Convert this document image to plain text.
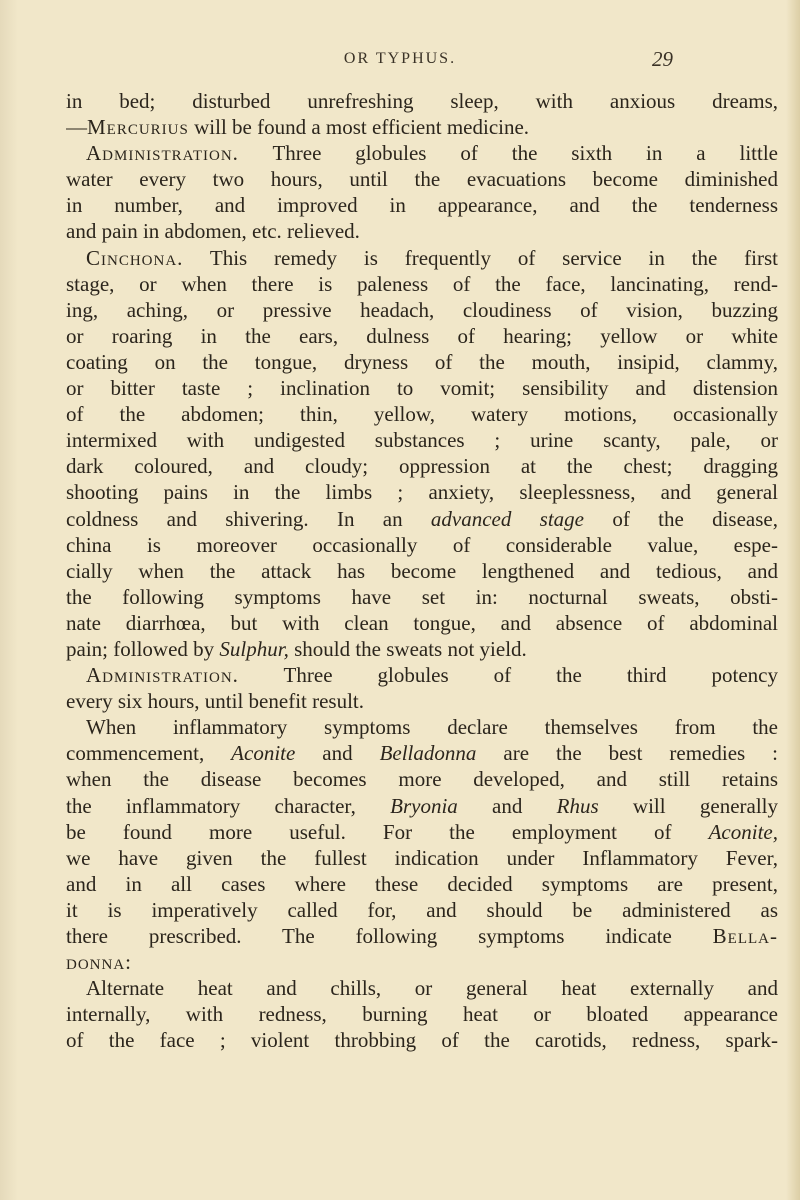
OR TYPHUS.	29
in bed; disturbed unrefreshing sleep, with anxious dreams,
—Mercurius will be found a most efficient medicine.
Administration. Three globules of the sixth in a little
water every two hours, until the evacuations become diminished
in number, and improved in appearance, and the tenderness
and pain in abdomen, etc. relieved.
Cinchona. This remedy is frequently of service in the first
stage, or when there is paleness of the face, lancinating, rend-
ing, aching, or pressive headach, cloudiness of vision, buzzing
or roaring in the ears, dulness of hearing; yellow or white
coating on the tongue, dryness of the mouth, insipid, clammy,
or bitter taste ; inclination to vomit; sensibility and distension
of the abdomen; thin, yellow, watery motions, occasionally
intermixed with undigested substances ; urine scanty, pale, or
dark coloured, and cloudy; oppression at the chest; dragging
shooting pains in the limbs ; anxiety, sleeplessness, and general
coldness and shivering. In an advanced stage of the disease,
china is moreover occasionally of considerable value, espe-
cially when the attack has become lengthened and tedious, and
the following symptoms have set in: nocturnal sweats, obsti-
nate diarrhœa, but with clean tongue, and absence of abdominal
pain; followed by Sulphur, should the sweats not yield.
Administration. Three globules of the third potency
every six hours, until benefit result.
When inflammatory symptoms declare themselves from the
commencement, Aconite and Belladonna are the best remedies :
when the disease becomes more developed, and still retains
the inflammatory character, Bryonia and Rhus will generally
be found more useful. For the employment of Aconite,
we have given the fullest indication under Inflammatory Fever,
and in all cases where these decided symptoms are present,
it is imperatively called for, and should be administered as
there prescribed. The following symptoms indicate Bella-
donna:
Alternate heat and chills, or general heat externally and
internally, with redness, burning heat or bloated appearance
of the face ; violent throbbing of the carotids, redness, spark-
